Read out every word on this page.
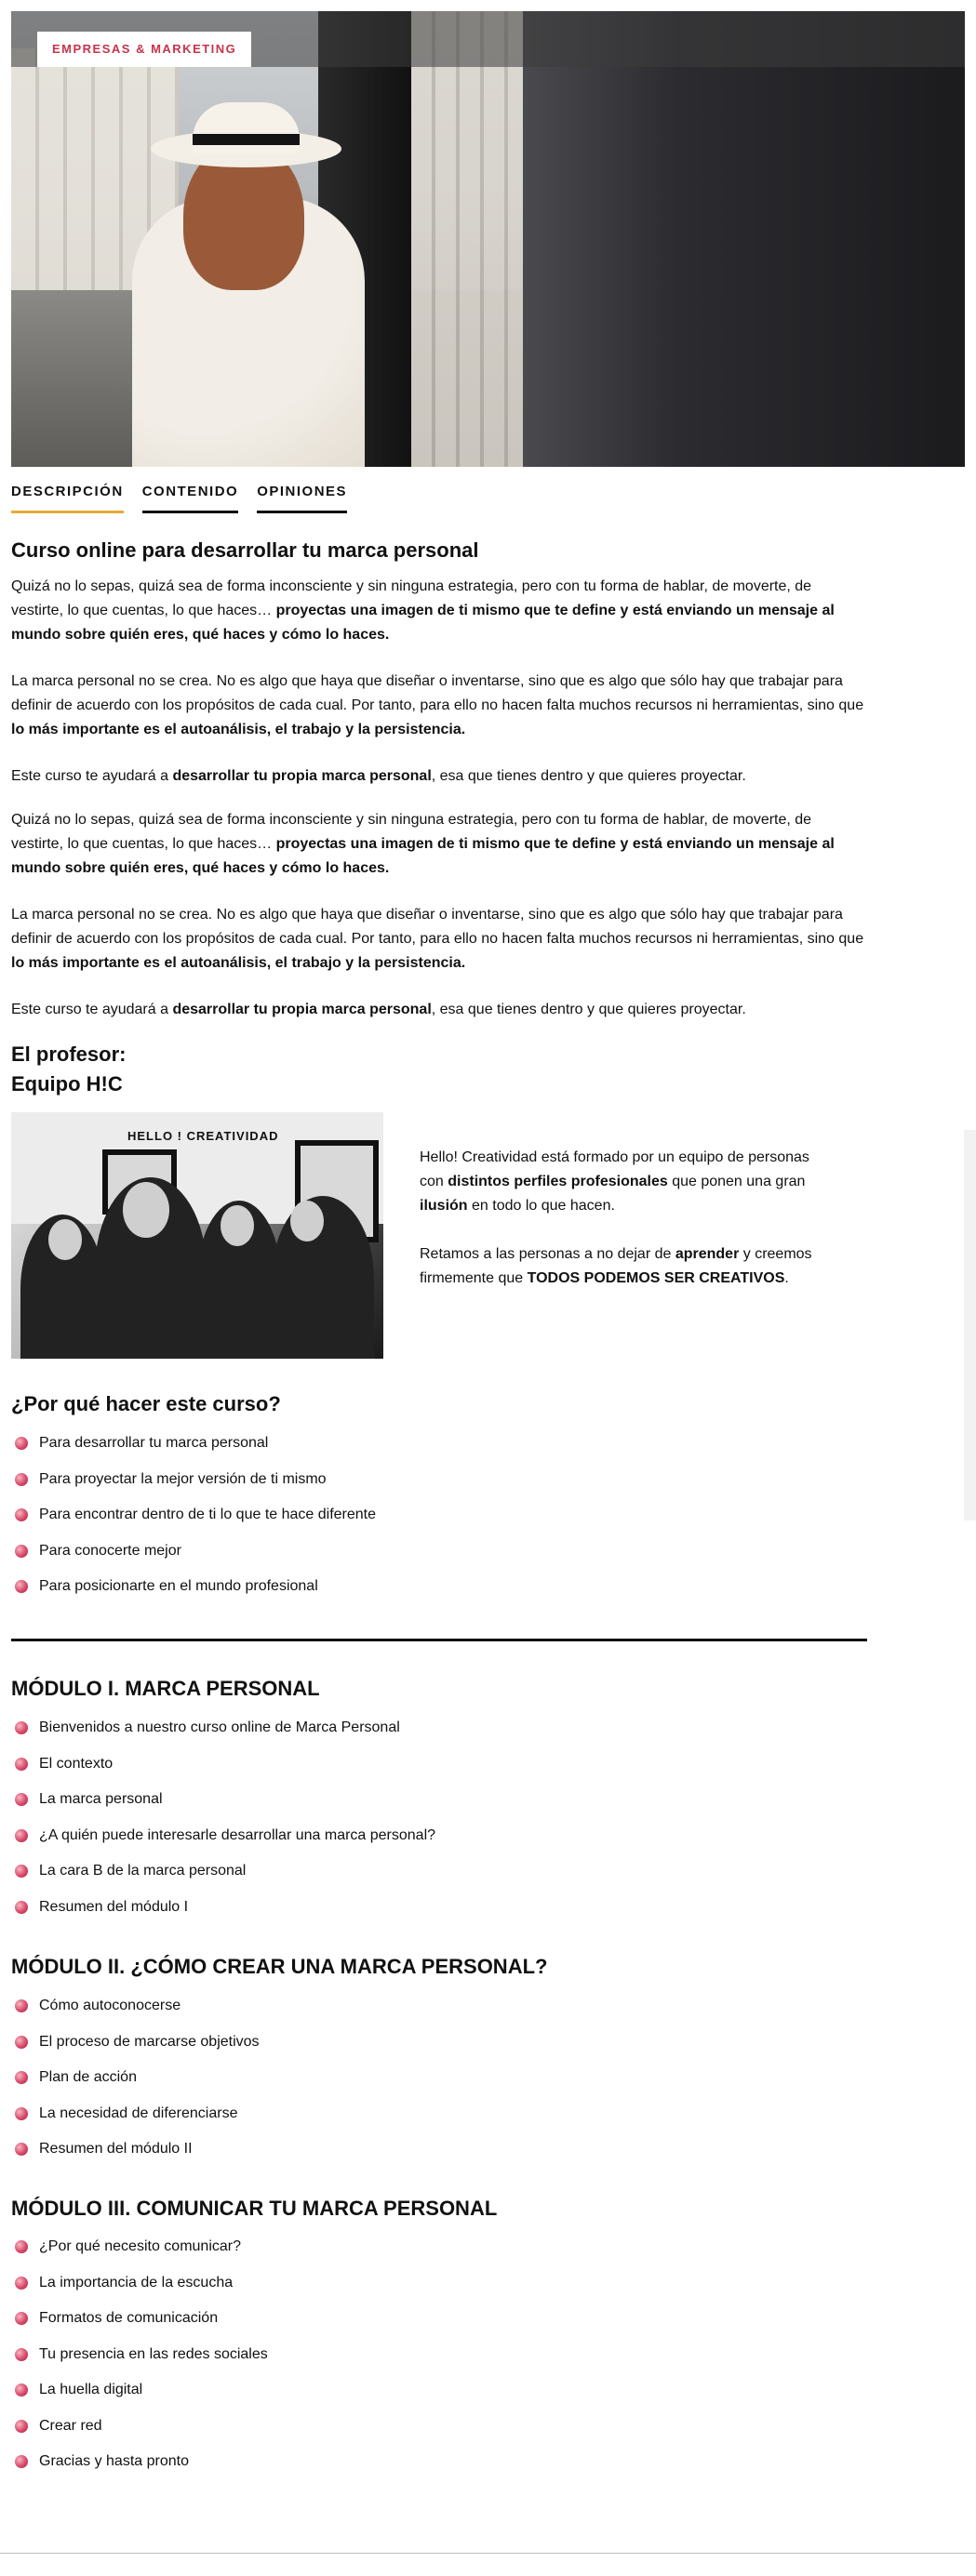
EMPRESAS & MARKETING
DESCRIPCIÓN CONTENIDO OPINIONES
Curso online para desarrollar tu marca personal

Quizá no lo sepas, quizá sea de forma inconsciente y sin ninguna estrategia, pero con tu forma de hablar, de moverte, de vestirte, lo que cuentas, lo que haces… proyectas una imagen de ti mismo que te define y está enviando un mensaje al mundo sobre quién eres, qué haces y cómo lo haces.

La marca personal no se crea. No es algo que haya que diseñar o inventarse, sino que es algo que sólo hay que trabajar para definir de acuerdo con los propósitos de cada cual. Por tanto, para ello no hacen falta muchos recursos ni herramientas, sino que lo más importante es el autoanálisis, el trabajo y la persistencia.

Este curso te ayudará a desarrollar tu propia marca personal, esa que tienes dentro y que quieres proyectar.

Quizá no lo sepas, quizá sea de forma inconsciente y sin ninguna estrategia, pero con tu forma de hablar, de moverte, de vestirte, lo que cuentas, lo que haces… proyectas una imagen de ti mismo que te define y está enviando un mensaje al mundo sobre quién eres, qué haces y cómo lo haces.

La marca personal no se crea. No es algo que haya que diseñar o inventarse, sino que es algo que sólo hay que trabajar para definir de acuerdo con los propósitos de cada cual. Por tanto, para ello no hacen falta muchos recursos ni herramientas, sino que lo más importante es el autoanálisis, el trabajo y la persistencia.

Este curso te ayudará a desarrollar tu propia marca personal, esa que tienes dentro y que quieres proyectar.

El profesor:
Equipo H!C
HELLO ! CREATIVIDAD

Hello! Creatividad está formado por un equipo de personas con distintos perfiles profesionales que ponen una gran ilusión en todo lo que hacen.

Retamos a las personas a no dejar de aprender y creemos firmemente que TODOS PODEMOS SER CREATIVOS.

¿Por qué hacer este curso?
Para desarrollar tu marca personal
Para proyectar la mejor versión de ti mismo
Para encontrar dentro de ti lo que te hace diferente
Para conocerte mejor
Para posicionarte en el mundo profesional
MÓDULO I. MARCA PERSONAL
Bienvenidos a nuestro curso online de Marca Personal
El contexto
La marca personal
¿A quién puede interesarle desarrollar una marca personal?
La cara B de la marca personal
Resumen del módulo I
MÓDULO II. ¿CÓMO CREAR UNA MARCA PERSONAL?
Cómo autoconocerse
El proceso de marcarse objetivos
Plan de acción
La necesidad de diferenciarse
Resumen del módulo II
MÓDULO III. COMUNICAR TU MARCA PERSONAL
¿Por qué necesito comunicar?
La importancia de la escucha
Formatos de comunicación
Tu presencia en las redes sociales
La huella digital
Crear red
Gracias y hasta pronto
